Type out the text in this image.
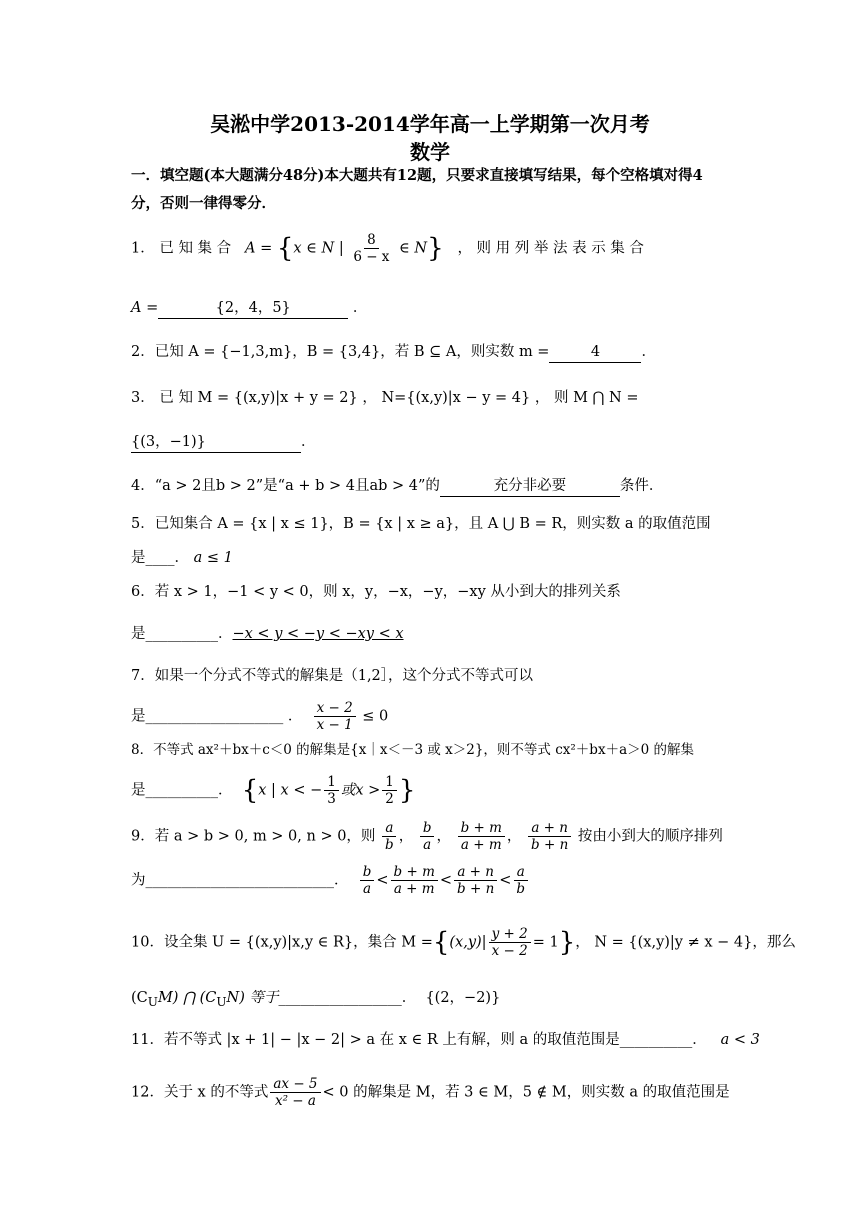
吴淞中学2013-2014学年高一上学期第一次月考
数学
一．填空题(本大题满分48分)本大题共有12题，只要求直接填写结果，每个空格填对得4分，否则一律得零分．
1． 已 知 集 合 A = {x ∈ N | $\frac{8}{6 - x}$ ∈ N} ， 则 用 列 举 法 表 示 集 合
A =	{2，4，5}	．
2．已知 A = {−1,3,m}，B = {3,4}，若 B ⊆ A，则实数 m =	4	．
3． 已 知 M = {(x,y)|x + y = 2} ， N={(x,y)|x − y = 4} ， 则 M ⋂ N =
{(3，−1)}	．
4．“a > 2且b > 2”是“a + b > 4且ab > 4”的	充分非必要	条件．
5．已知集合 A = {x | x ≤ 1}，B = {x | x ≥ a}，且 A ⋃ B = R，则实数 a 的取值范围
是____． a ≤ 1
6．若 x > 1，−1 < y < 0，则 x，y，−x，−y，−xy 从小到大的排列关系
是__________．−x < y < −y < −xy < x
7．如果一个分式不等式的解集是（1,2］，这个分式不等式可以
是___________________ ． $\frac{x - 2}{x - 1} \le 0$
8．不等式 ax²＋bx＋c＜0 的解集是{x｜x＜－3 或 x＞2}，则不等式 cx²＋bx＋a＞0 的解集
是__________． {x | x < − $\frac{1}{3}$ 或$x > \frac{1}{2}$ }
9．若 a > b > 0, m > 0, n > 0，则 $\frac{a}{b}$ ， $\frac{b}{a}$ ， $\frac{b + m}{a + m}$ ， $\frac{a + n}{b + n}$ 按由小到大的顺序排列
为__________________________． $\frac{b}{a} < \frac{b + m}{a + m} < \frac{a + n}{b + n} < \frac{a}{b}$
10．设全集 U = {(x,y)|x,y ∈ R}，集合 $M =\{(x,y)| \frac{y + 2}{x - 2} = 1\}$， N = {(x,y)|y ≠ x − 4}，那么
$(C_UM)$ ⋂ $(C_UN)$ 等于_________________． {(2，−2)}
11．若不等式 |x + 1| − |x − 2| > a 在 x ∈ R 上有解，则 a 的取值范围是__________． a < 3
12．关于 x 的不等式 $\frac{ax - 5}{\text{x² − a}} < 0$ 的解集是 M，若 3 ∈ M，5 ∉ M，则实数 a 的取值范围是
